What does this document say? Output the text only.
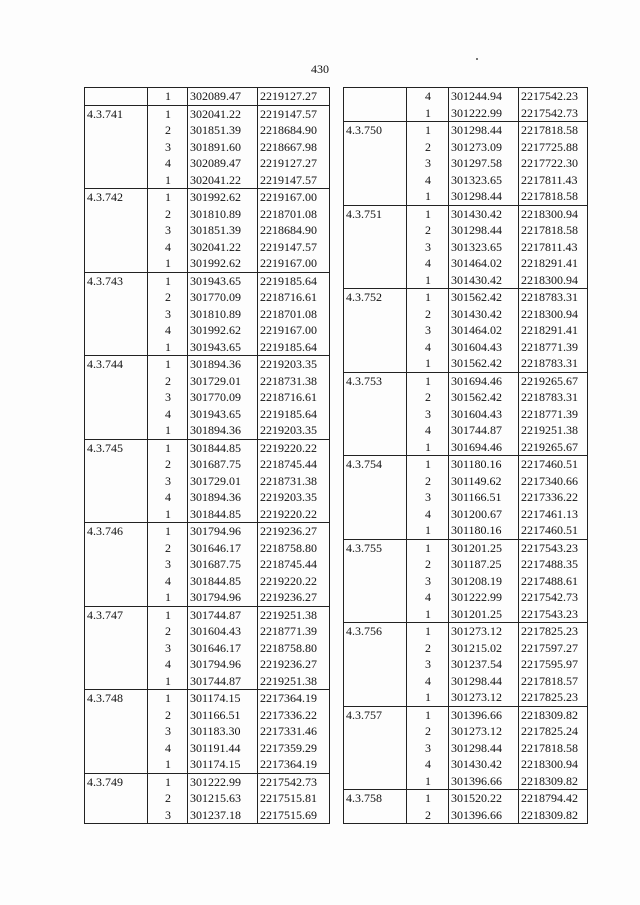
430
	1	302089.47	2219127.27
4.3.741	1	302041.22	2219147.57
	2	301851.39	2218684.90
	3	301891.60	2218667.98
	4	302089.47	2219127.27
	1	302041.22	2219147.57
4.3.742	1	301992.62	2219167.00
	2	301810.89	2218701.08
	3	301851.39	2218684.90
	4	302041.22	2219147.57
	1	301992.62	2219167.00
4.3.743	1	301943.65	2219185.64
	2	301770.09	2218716.61
	3	301810.89	2218701.08
	4	301992.62	2219167.00
	1	301943.65	2219185.64
4.3.744	1	301894.36	2219203.35
	2	301729.01	2218731.38
	3	301770.09	2218716.61
	4	301943.65	2219185.64
	1	301894.36	2219203.35
4.3.745	1	301844.85	2219220.22
	2	301687.75	2218745.44
	3	301729.01	2218731.38
	4	301894.36	2219203.35
	1	301844.85	2219220.22
4.3.746	1	301794.96	2219236.27
	2	301646.17	2218758.80
	3	301687.75	2218745.44
	4	301844.85	2219220.22
	1	301794.96	2219236.27
4.3.747	1	301744.87	2219251.38
	2	301604.43	2218771.39
	3	301646.17	2218758.80
	4	301794.96	2219236.27
	1	301744.87	2219251.38
4.3.748	1	301174.15	2217364.19
	2	301166.51	2217336.22
	3	301183.30	2217331.46
	4	301191.44	2217359.29
	1	301174.15	2217364.19
4.3.749	1	301222.99	2217542.73
	2	301215.63	2217515.81
	3	301237.18	2217515.69
	4	301244.94	2217542.23
	1	301222.99	2217542.73
4.3.750	1	301298.44	2217818.58
	2	301273.09	2217725.88
	3	301297.58	2217722.30
	4	301323.65	2217811.43
	1	301298.44	2217818.58
4.3.751	1	301430.42	2218300.94
	2	301298.44	2217818.58
	3	301323.65	2217811.43
	4	301464.02	2218291.41
	1	301430.42	2218300.94
4.3.752	1	301562.42	2218783.31
	2	301430.42	2218300.94
	3	301464.02	2218291.41
	4	301604.43	2218771.39
	1	301562.42	2218783.31
4.3.753	1	301694.46	2219265.67
	2	301562.42	2218783.31
	3	301604.43	2218771.39
	4	301744.87	2219251.38
	1	301694.46	2219265.67
4.3.754	1	301180.16	2217460.51
	2	301149.62	2217340.66
	3	301166.51	2217336.22
	4	301200.67	2217461.13
	1	301180.16	2217460.51
4.3.755	1	301201.25	2217543.23
	2	301187.25	2217488.35
	3	301208.19	2217488.61
	4	301222.99	2217542.73
	1	301201.25	2217543.23
4.3.756	1	301273.12	2217825.23
	2	301215.02	2217597.27
	3	301237.54	2217595.97
	4	301298.44	2217818.57
	1	301273.12	2217825.23
4.3.757	1	301396.66	2218309.82
	2	301273.12	2217825.24
	3	301298.44	2217818.58
	4	301430.42	2218300.94
	1	301396.66	2218309.82
4.3.758	1	301520.22	2218794.42
	2	301396.66	2218309.82
